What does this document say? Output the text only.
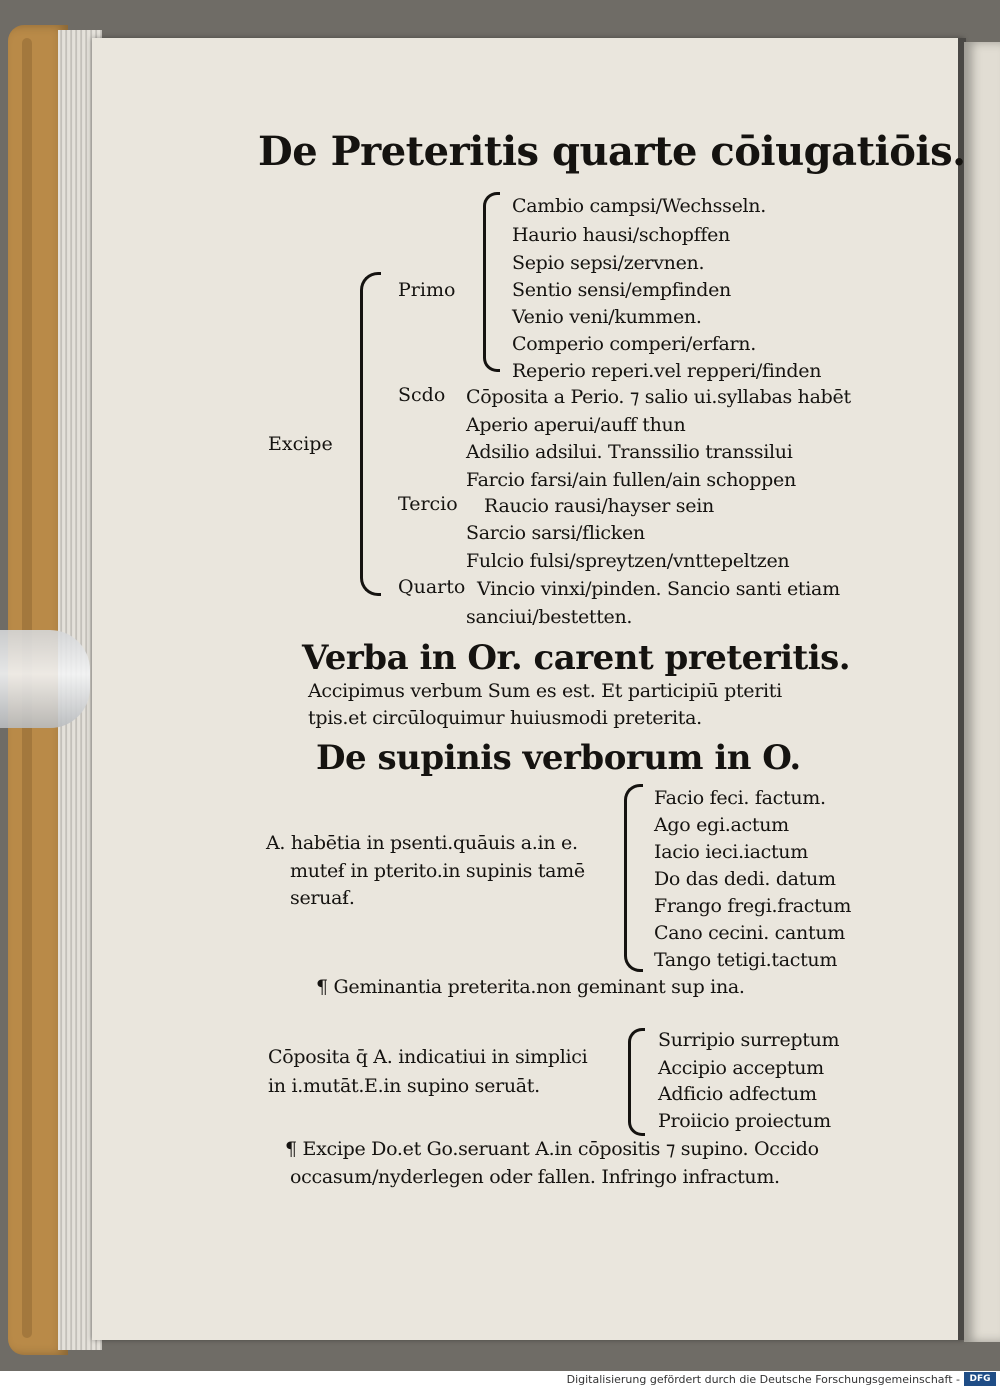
De Preteritis quarte cōiugatiōis.
Cambio campsi/Wechsseln.
Haurio hausi/schopffen
Sepio sepsi/zervnen.
Sentio sensi/empfinden
Venio veni/kummen.
Comperio comperi/erfarn.
Reperio reperi.vel repperi/finden
Primo
Excipe
Scdo Cōposita a Perio. ⁊ salio ui.syllabas habēt
Aperio aperui/auff thun
Adsilio adsilui. Transsilio transsilui
Farcio farsi/ain fullen/ain schoppen
Tercio Raucio rausi/hayser sein
Sarcio sarsi/flicken
Fulcio fulsi/spreytzen/vnttepeltzen
Quarto Vincio vinxi/pinden. Sancio santi etiam
sanciui/bestetten.
Verba in Or. carent preteritis.
Accipimus verbum Sum es est. Et participiū pteriti
tpis.et circūloquimur huiusmodi preterita.
De supinis verborum in O.
A. habētia in psenti.quāuis a.in e.
muteẜ in pterito.in supinis tamē
seruaẜ.
Facio feci. factum.
Ago egi.actum
Iacio ieci.iactum
Do das dedi. datum
Frango fregi.fractum
Cano cecini. cantum
Tango tetigi.tactum
¶ Geminantia preterita.non geminant sup ina.
Cōposita q̄ A. indicatiui in simplici
in i.mutāt.E.in supino seruāt.
Surripio surreptum
Accipio acceptum
Adficio adfectum
Proiicio proiectum
¶ Excipe Do.et Go.seruant A.in cōpositis ⁊ supino. Occido
occasum/nyderlegen oder fallen. Infringo infractum.
Digitalisierung gefördert durch die Deutsche Forschungsgemeinschaft -	DFG
